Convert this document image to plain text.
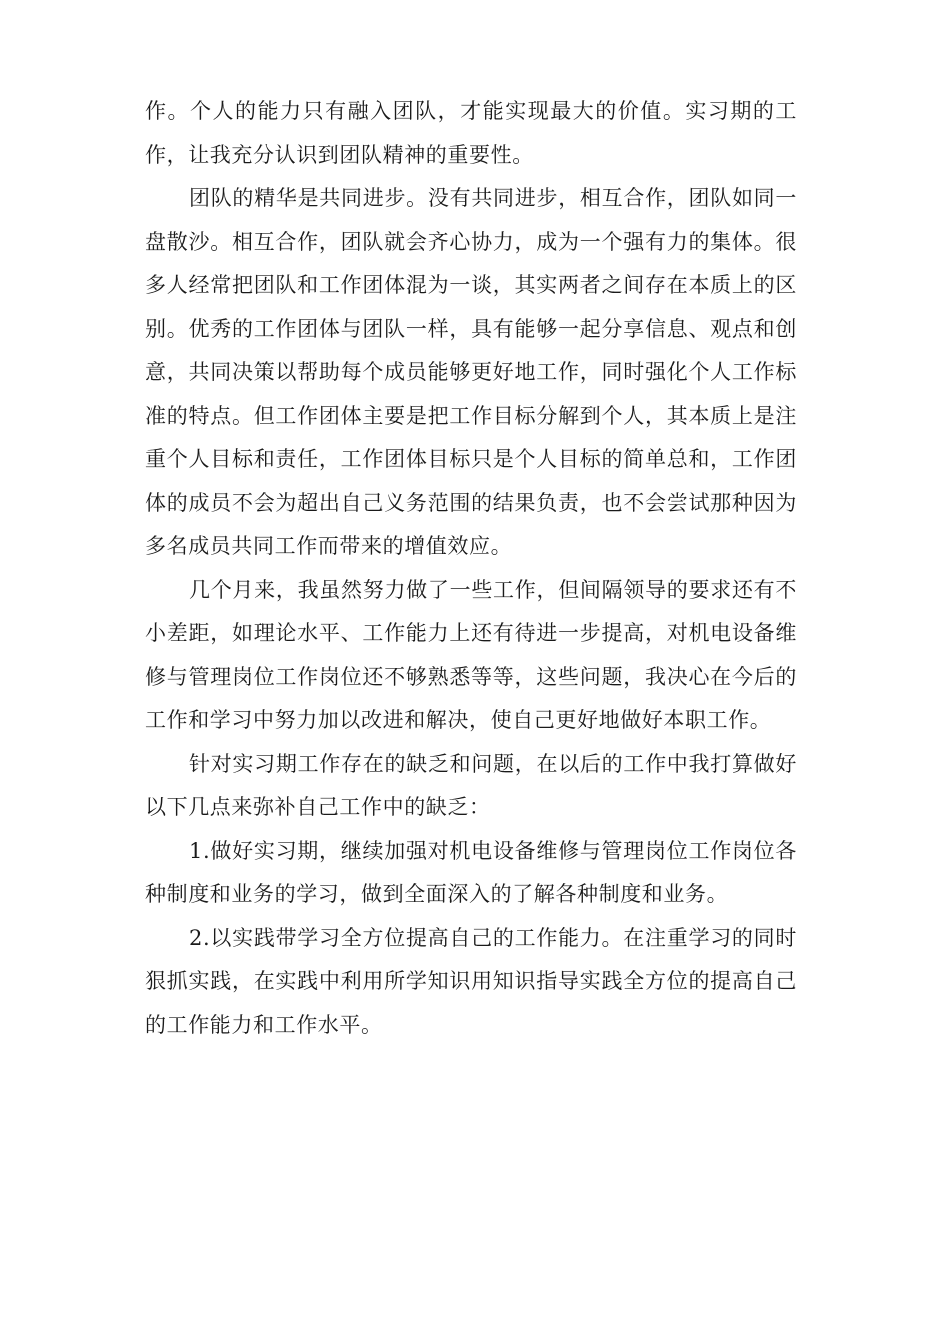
作。个人的能力只有融入团队，才能实现最大的价值。实习期的工作，让我充分认识到团队精神的重要性。

团队的精华是共同进步。没有共同进步，相互合作，团队如同一盘散沙。相互合作，团队就会齐心协力，成为一个强有力的集体。很多人经常把团队和工作团体混为一谈，其实两者之间存在本质上的区别。优秀的工作团体与团队一样，具有能够一起分享信息、观点和创意，共同决策以帮助每个成员能够更好地工作，同时强化个人工作标准的特点。但工作团体主要是把工作目标分解到个人，其本质上是注重个人目标和责任，工作团体目标只是个人目标的简单总和，工作团体的成员不会为超出自己义务范围的结果负责，也不会尝试那种因为多名成员共同工作而带来的增值效应。

几个月来，我虽然努力做了一些工作，但间隔领导的要求还有不小差距，如理论水平、工作能力上还有待进一步提高，对机电设备维修与管理岗位工作岗位还不够熟悉等等，这些问题，我决心在今后的工作和学习中努力加以改进和解决，使自己更好地做好本职工作。

针对实习期工作存在的缺乏和问题，在以后的工作中我打算做好以下几点来弥补自己工作中的缺乏：

1.做好实习期，继续加强对机电设备维修与管理岗位工作岗位各种制度和业务的学习，做到全面深入的了解各种制度和业务。

2.以实践带学习全方位提高自己的工作能力。在注重学习的同时狠抓实践，在实践中利用所学知识用知识指导实践全方位的提高自己的工作能力和工作水平。
